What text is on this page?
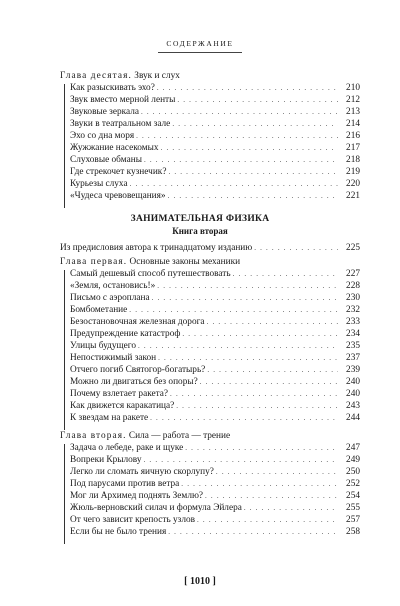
СОДЕРЖАНИЕ
Глава десятая. Звук и слух
Как разыскивать эхо? . . .	210
Звук вместо мерной ленты . . .	212
Звуковые зеркала . . .	213
Звуки в театральном зале . . .	214
Эхо со дна моря . . .	216
Жужжание насекомых . . .	217
Слуховые обманы . . .	218
Где стрекочет кузнечик? . . .	219
Курьезы слуха . . .	220
«Чудеса чревовещания» . . .	221
ЗАНИМАТЕЛЬНАЯ ФИЗИКА
Книга вторая
Из предисловия автора к тринадцатому изданию . . .	225
Глава первая. Основные законы механики
Самый дешевый способ путешествовать . . .	227
«Земля, остановись!» . . .	228
Письмо с аэроплана . . .	230
Бомбометание . . .	232
Безостановочная железная дорога . . .	233
Предупреждение катастроф . . .	234
Улицы будущего . . .	235
Непостижимый закон . . .	237
Отчего погиб Святогор-богатырь? . . .	239
Можно ли двигаться без опоры? . . .	240
Почему взлетает ракета? . . .	240
Как движется каракатица? . . .	243
К звездам на ракете . . .	244
Глава вторая. Сила — работа — трение
Задача о лебеде, раке и щуке . . .	247
Вопреки Крылову . . .	249
Легко ли сломать яичную скорлупу? . . .	250
Под парусами против ветра . . .	252
Мог ли Архимед поднять Землю? . . .	254
Жюль-верновский силач и формула Эйлера . . .	255
От чего зависит крепость узлов . . .	257
Если бы не было трения . . .	258
[ 1010 ]
